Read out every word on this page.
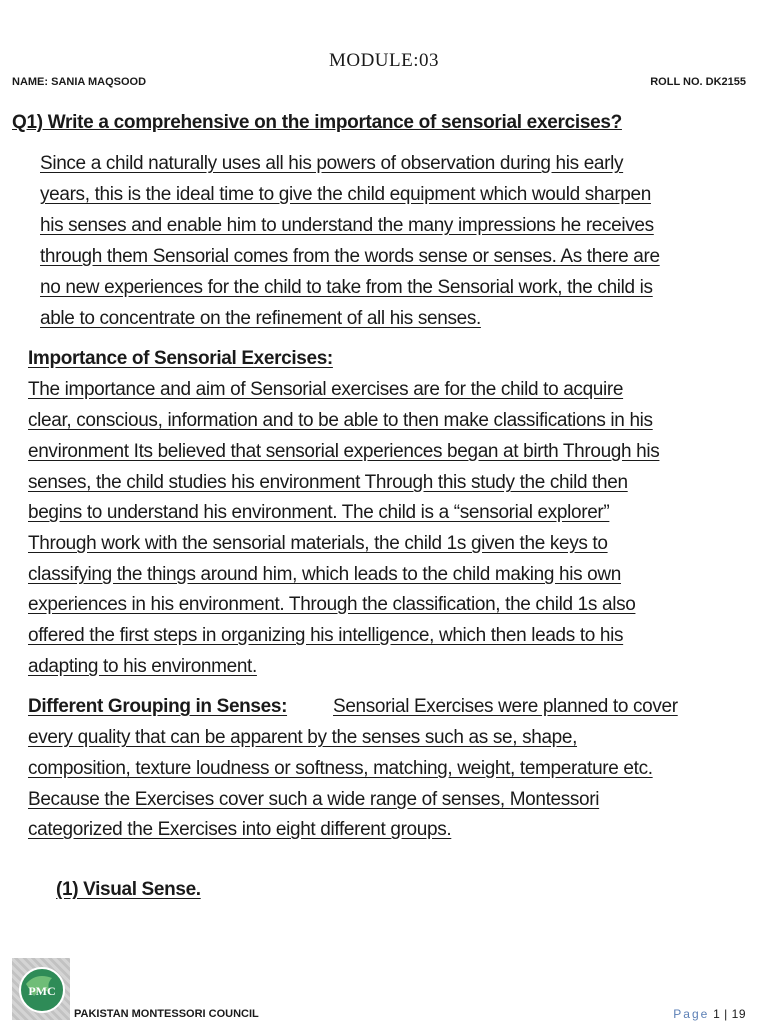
MODULE:03
NAME: SANIA MAQSOOD	ROLL NO. DK2155
Q1) Write a comprehensive on the importance of sensorial exercises?
Since a child naturally uses all his powers of observation during his early
years, this is the ideal time to give the child equipment which would sharpen
his senses and enable him to understand the many impressions he receives
through them Sensorial comes from the words sense or senses. As there are
no new experiences for the child to take from the Sensorial work, the child is
able to concentrate on the refinement of all his senses.
Importance of Sensorial Exercises:
The importance and aim of Sensorial exercises are for the child to acquire
clear, conscious, information and to be able to then make classifications in his
environment Its believed that sensorial experiences began at birth Through his
senses, the child studies his environment Through this study the child then
begins to understand his environment. The child is a “sensorial explorer”
Through work with the sensorial materials, the child 1s given the keys to
classifying the things around him, which leads to the child making his own
experiences in his environment. Through the classification, the child 1s also
offered the first steps in organizing his intelligence, which then leads to his
adapting to his environment.
Different Grouping in Senses: Sensorial Exercises were planned to cover
every quality that can be apparent by the senses such as se, shape,
composition, texture loudness or softness, matching, weight, temperature etc.
Because the Exercises cover such a wide range of senses, Montessori
categorized the Exercises into eight different groups.
(1) Visual Sense.
PMC
PAKISTAN MONTESSORI COUNCIL	Page 1 | 19
